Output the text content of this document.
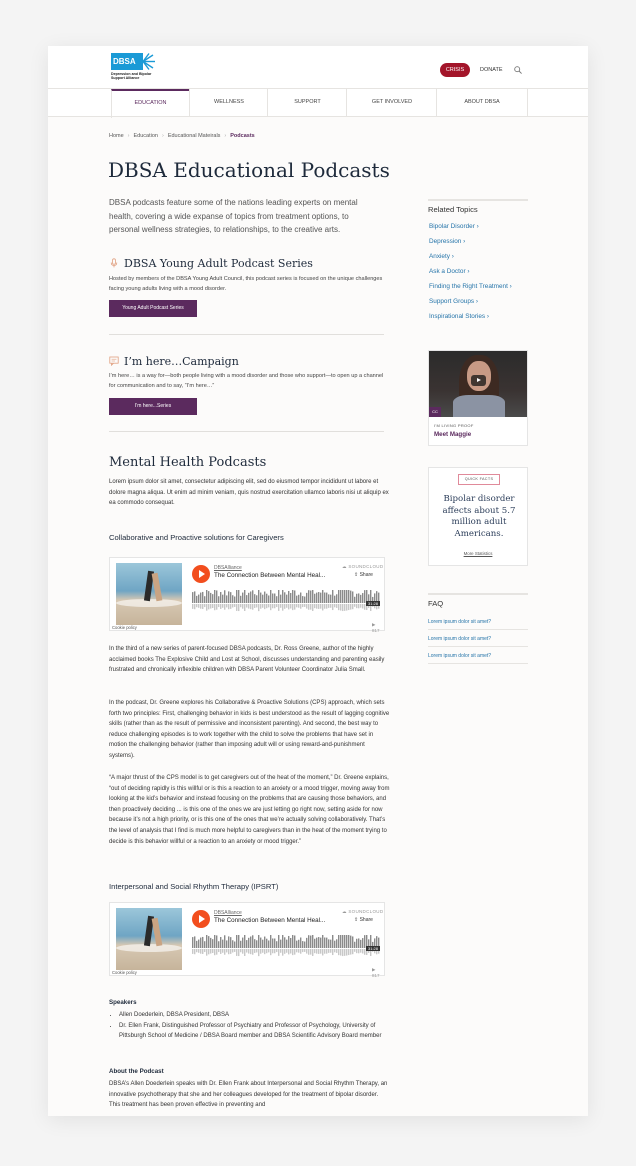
DBSA
Depression and Bipolar Support Alliance
CRISIS	DONATE
EDUCATION	WELLNESS	SUPPORT	GET INVOLVED	ABOUT DBSA
Home › Education › Educational Mateirals › Podcasts
DBSA Educational Podcasts
DBSA podcasts feature some of the nations leading experts on mental health, covering a wide expanse of topics from treatment options, to personal wellness strategies, to relationships, to the creative arts.
DBSA Young Adult Podcast Series
Hosted by members of the DBSA Young Adult Council, this podcast series is focused on the unique challenges facing young adults living with a mood disorder.
Young Adult Podcast Series
I’m here…Campaign
I’m here… is a way for—both people living with a mood disorder and those who support—to open up a channel for communication and to say, “I’m here…”
I’m here...Series
Mental Health Podcasts
Lorem ipsum dolor sit amet, consectetur adipiscing elit, sed do eiusmod tempor incididunt ut labore et dolore magna aliqua. Ut enim ad minim veniam, quis nostrud exercitation ullamco laboris nisi ut aliquip ex ea commodo consequat.
Collaborative and Proactive solutions for Caregivers
Cookie policy
DBSAlliance
The Connection Between Mental Heal...
☁ SOUNDCLOUD
⇪ Share
31:28
▶ 817
In the third of a new series of parent-focused DBSA podcasts, Dr. Ross Greene, author of the highly acclaimed books The Explosive Child and Lost at School, discusses understanding and parenting easily frustrated and chronically inflexible children with DBSA Parent Volunteer Coordinator Julia Small.
In the podcast, Dr. Greene explores his Collaborative & Proactive Solutions (CPS) approach, which sets forth two principles: First, challenging behavior in kids is best understood as the result of lagging cognitive skills (rather than as the result of permissive and inconsistent parenting). And second, the best way to reduce challenging episodes is to work together with the child to solve the problems that have set in motion the challenging behavior (rather than imposing adult will or using reward-and-punishment systems).
“A major thrust of the CPS model is to get caregivers out of the heat of the moment,” Dr. Greene explains, “out of deciding rapidly is this willful or is this a reaction to an anxiety or a mood trigger, moving away from looking at the kid’s behavior and instead focusing on the problems that are causing those behaviors, and then proactively deciding ... is this one of the ones we are just letting go right now, setting aside for now because it’s not a high priority, or is this one of the ones that we’re actually solving collaboratively. That’s the level of analysis that I find is much more helpful to caregivers than in the heat of the moment trying to decide is this behavior willful or a reaction to an anxiety or mood trigger.”
Interpersonal and Social Rhythm Therapy (IPSRT)
Cookie policy
DBSAlliance
The Connection Between Mental Heal...
☁ SOUNDCLOUD
⇪ Share
31:28
▶ 817
Speakers
• Allen Doederlein, DBSA President, DBSA
• Dr. Ellen Frank, Distinguished Professor of Psychiatry and Professor of Psychology, University of Pittsburgh School of Medicine / DBSA Board member and DBSA Scientific Advisory Board member
About the Podcast
DBSA’s Allen Doederlein speaks with Dr. Ellen Frank about Interpersonal and Social Rhythm Therapy, an innovative psychotherapy that she and her colleagues developed for the treatment of bipolar disorder. This treatment has been proven effective in preventing and
Related Topics
Bipolar Disorder ›
Depression ›
Anxiety ›
Ask a Doctor ›
Finding the Right Treatment ›
Support Groups ›
Inspirational Stories ›
CC
I'M LIVING PROOF
Meet Maggie
QUICK FACTS
Bipolar disorder affects about 5.7 million adult Americans.
More Statistics
FAQ
Lorem ipsum dolor sit amet?
Lorem ipsum dolor sit amet?
Lorem ipsum dolor sit amet?
